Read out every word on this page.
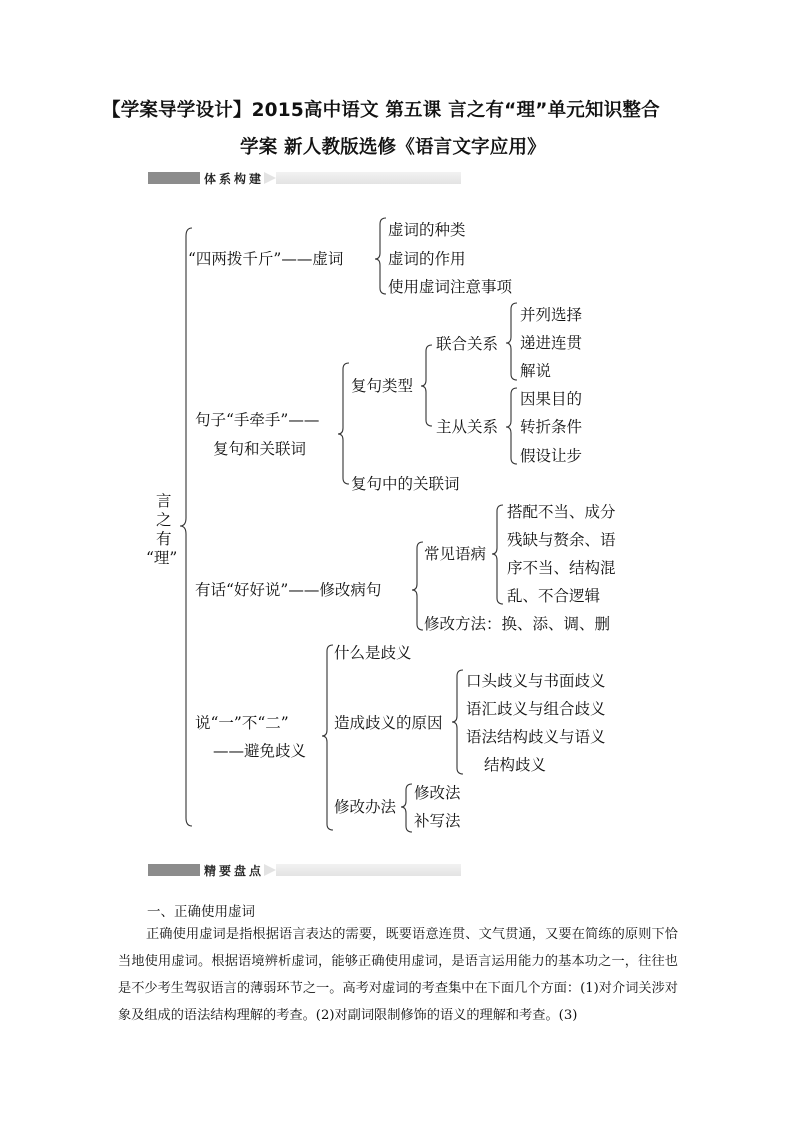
【学案导学设计】2015高中语文 第五课 言之有“理”单元知识整合
学案 新人教版选修《语言文字应用》
体系构建
言
之
有
“理”
“四两拨千斤”——虚词
虚词的种类
虚词的作用
使用虚词注意事项
句子“手牵手”——
复句和关联词
复句类型
联合关系
并列选择
递进连贯
解说
主从关系
因果目的
转折条件
假设让步
复句中的关联词
有话“好好说”——修改病句
常见语病
搭配不当、成分
残缺与赘余、语
序不当、结构混
乱、不合逻辑
修改方法：换、添、调、删
说“一”不“二”
——避免歧义
什么是歧义
造成歧义的原因
口头歧义与书面歧义
语汇歧义与组合歧义
语法结构歧义与语义
结构歧义
修改办法
修改法
补写法
精要盘点
一、正确使用虚词
正确使用虚词是指根据语言表达的需要，既要语意连贯、文气贯通，又要在简练的原则下恰当地使用虚词。根据语境辨析虚词，能够正确使用虚词，是语言运用能力的基本功之一，往往也是不少考生驾驭语言的薄弱环节之一。高考对虚词的考查集中在下面几个方面：(1)对介词关涉对象及组成的语法结构理解的考查。(2)对副词限制修饰的语义的理解和考查。(3)
